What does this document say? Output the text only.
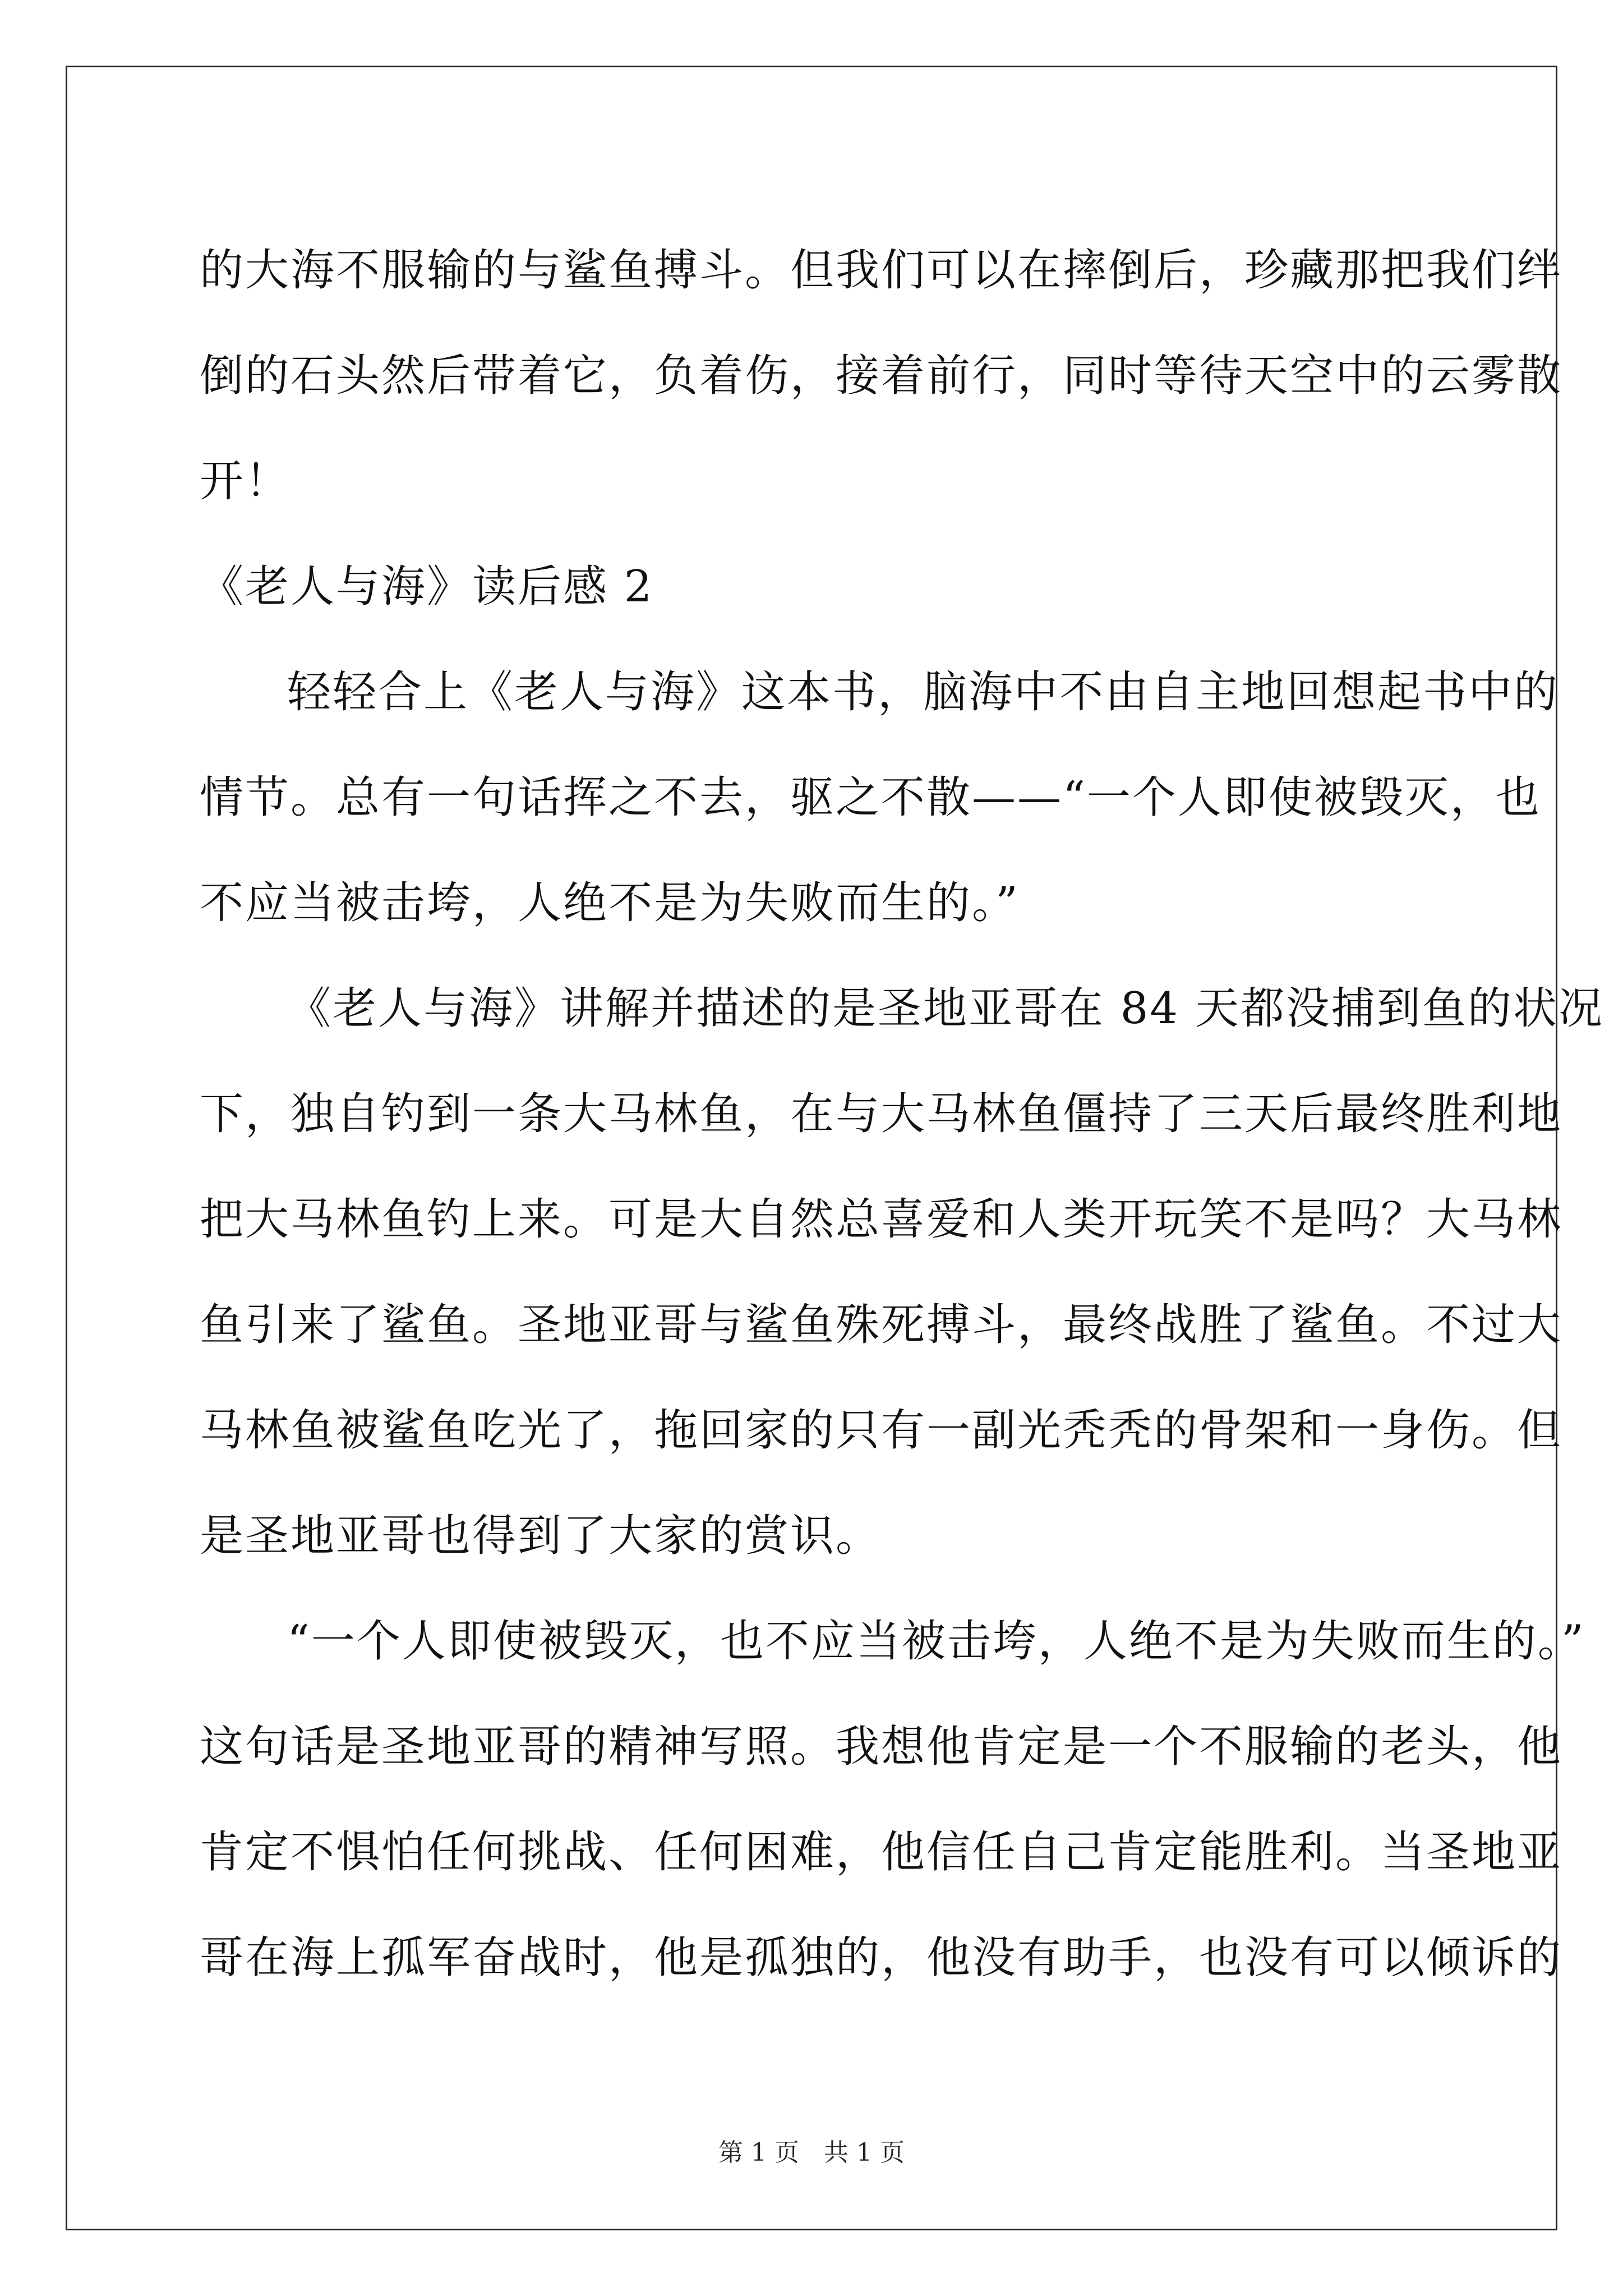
的大海不服输的与鲨鱼搏斗。但我们可以在摔倒后，珍藏那把我们绊
倒的石头然后带着它，负着伤，接着前行，同时等待天空中的云雾散
开！
《老人与海》读后感 2
轻轻合上《老人与海》这本书，脑海中不由自主地回想起书中的
情节。总有一句话挥之不去，驱之不散——“一个人即使被毁灭，也
不应当被击垮，人绝不是为失败而生的。”
《老人与海》讲解并描述的是圣地亚哥在 84 天都没捕到鱼的状况
下，独自钓到一条大马林鱼，在与大马林鱼僵持了三天后最终胜利地
把大马林鱼钓上来。可是大自然总喜爱和人类开玩笑不是吗？大马林
鱼引来了鲨鱼。圣地亚哥与鲨鱼殊死搏斗，最终战胜了鲨鱼。不过大
马林鱼被鲨鱼吃光了，拖回家的只有一副光秃秃的骨架和一身伤。但
是圣地亚哥也得到了大家的赏识。
“一个人即使被毁灭，也不应当被击垮，人绝不是为失败而生的。”
这句话是圣地亚哥的精神写照。我想他肯定是一个不服输的老头，他
肯定不惧怕任何挑战、任何困难，他信任自己肯定能胜利。当圣地亚
哥在海上孤军奋战时，他是孤独的，他没有助手，也没有可以倾诉的
第 1 页　共 1 页
